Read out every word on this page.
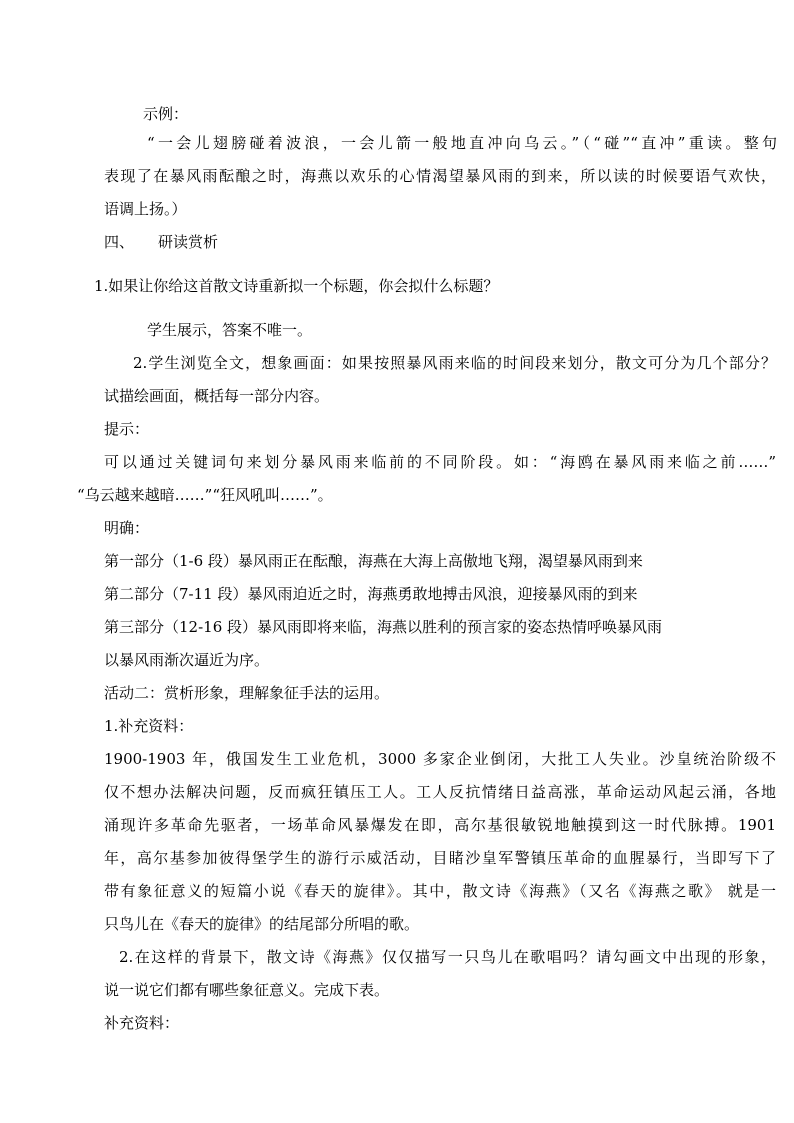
示例：
“一会儿翅膀碰着波浪，一会儿箭一般地直冲向乌云。”（“碰”“直冲”重读。整句
表现了在暴风雨酝酿之时，海燕以欢乐的心情渴望暴风雨的到来，所以读的时候要语气欢快，
语调上扬。）
四、 研读赏析
1.如果让你给这首散文诗重新拟一个标题，你会拟什么标题？
学生展示，答案不唯一。
2.学生浏览全文，想象画面：如果按照暴风雨来临的时间段来划分，散文可分为几个部分？
试描绘画面，概括每一部分内容。
提示：
可以通过关键词句来划分暴风雨来临前的不同阶段。如：“海鸥在暴风雨来临之前……”
“乌云越来越暗……”“狂风吼叫……”。
明确：
第一部分（1-6 段）暴风雨正在酝酿，海燕在大海上高傲地飞翔，渴望暴风雨到来
第二部分（7-11 段）暴风雨迫近之时，海燕勇敢地搏击风浪，迎接暴风雨的到来
第三部分（12-16 段）暴风雨即将来临，海燕以胜利的预言家的姿态热情呼唤暴风雨
以暴风雨渐次逼近为序。
活动二：赏析形象，理解象征手法的运用。
1.补充资料：
1900-1903 年，俄国发生工业危机，3000 多家企业倒闭，大批工人失业。沙皇统治阶级不
仅不想办法解决问题，反而疯狂镇压工人。工人反抗情绪日益高涨，革命运动风起云涌，各地
涌现许多革命先驱者，一场革命风暴爆发在即，高尔基很敏锐地触摸到这一时代脉搏。1901
年，高尔基参加彼得堡学生的游行示威活动，目睹沙皇军警镇压革命的血腥暴行，当即写下了
带有象征意义的短篇小说《春天的旋律》。其中，散文诗《海燕》（又名《海燕之歌》 就是一
只鸟儿在《春天的旋律》的结尾部分所唱的歌。
2.在这样的背景下，散文诗《海燕》仅仅描写一只鸟儿在歌唱吗？请勾画文中出现的形象，
说一说它们都有哪些象征意义。完成下表。
补充资料：
